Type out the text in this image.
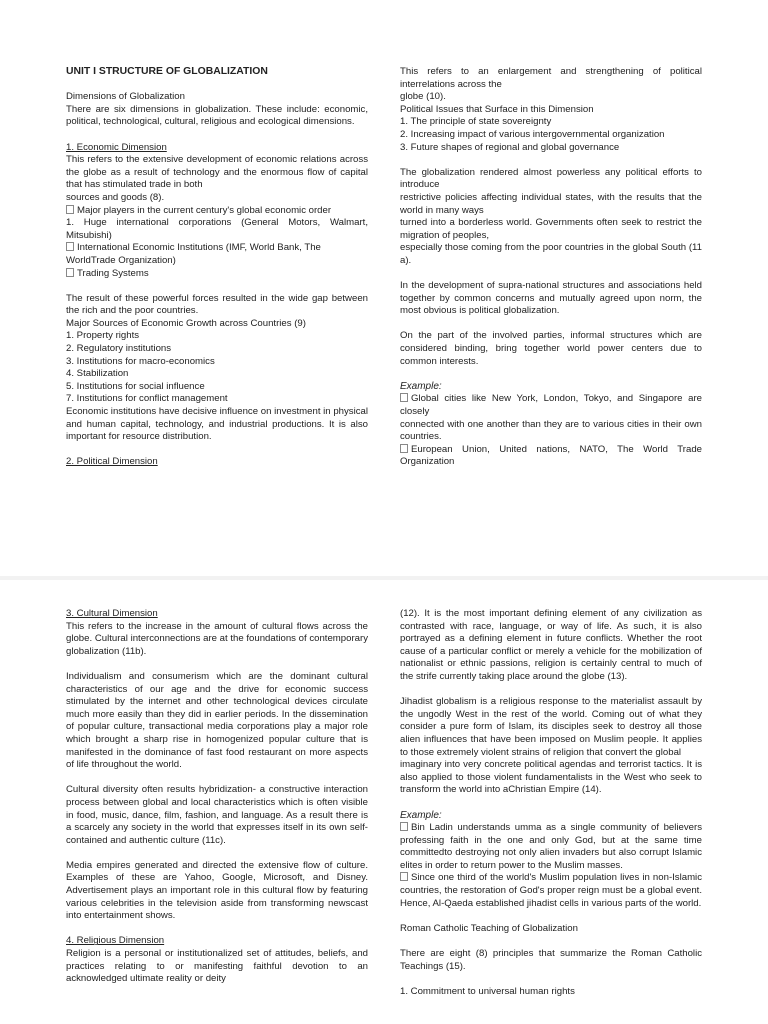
UNIT I STRUCTURE OF GLOBALIZATION

Dimensions of Globalization

There are six dimensions in globalization. These include: economic, political, technological, cultural, religious and ecological dimensions.

1. Economic Dimension

This refers to the extensive development of economic relations across the globe as a result of technology and the enormous flow of capital that has stimulated trade in both

sources and goods (8).

Major players in the current century's global economic order

1. Huge international corporations (General Motors, Walmart, Mitsubishi)

International Economic Institutions (IMF, World Bank, The WorldTrade Organization)

Trading Systems

The result of these powerful forces resulted in the wide gap between the rich and the poor countries.

Major Sources of Economic Growth across Countries (9)

1. Property rights

2. Regulatory institutions

3. Institutions for macro-economics

4. Stabilization

5. Institutions for social influence

7. Institutions for conflict management

Economic institutions have decisive influence on investment in physical and human capital, technology, and industrial productions. It is also important for resource distribution.

2. Political Dimension

This refers to an enlargement and strengthening of political interrelations across the

globe (10).

Political Issues that Surface in this Dimension

1. The principle of state sovereignty

2. Increasing impact of various intergovernmental organization

3. Future shapes of regional and global governance

The globalization rendered almost powerless any political efforts to introduce

restrictive policies affecting individual states, with the results that the world in many ways

turned into a borderless world. Governments often seek to restrict the migration of peoples,

especially those coming from the poor countries in the global South (11 a).

In the development of supra-national structures and associations held together by common concerns and mutually agreed upon norm, the most obvious is political globalization.

On the part of the involved parties, informal structures which are considered binding, bring together world power centers due to common interests.

Example:

Global cities like New York, London, Tokyo, and Singapore are closely

connected with one another than they are to various cities in their own countries.

European Union, United nations, NATO, The World Trade Organization

3. Cultural Dimension

This refers to the increase in the amount of cultural flows across the globe. Cultural interconnections are at the foundations of contemporary globalization (11b).

Individualism and consumerism which are the dominant cultural characteristics of our age and the drive for economic success stimulated by the internet and other technological devices circulate much more easily than they did in earlier periods. In the dissemination of popular culture, transactional media corporations play a major role which brought a sharp rise in homogenized popular culture that is manifested in the dominance of fast food restaurant on more aspects of life throughout the world.

Cultural diversity often results hybridization- a constructive interaction process between global and local characteristics which is often visible in food, music, dance, film, fashion, and language. As a result there is a scarcely any society in the world that expresses itself in its own self-contained and authentic culture (11c).

Media empires generated and directed the extensive flow of culture. Examples of these are Yahoo, Google, Microsoft, and Disney. Advertisement plays an important role in this cultural flow by featuring various celebrities in the television aside from transforming newscast into entertainment shows.

4. Religious Dimension

Religion is a personal or institutionalized set of attitudes, beliefs, and practices relating to or manifesting faithful devotion to an acknowledged ultimate reality or deity

(12). It is the most important defining element of any civilization as contrasted with race, language, or way of life. As such, it is also portrayed as a defining element in future conflicts. Whether the root cause of a particular conflict or merely a vehicle for the mobilization of nationalist or ethnic passions, religion is certainly central to much of the strife currently taking place around the globe (13).

Jihadist globalism is a religious response to the materialist assault by the ungodly West in the rest of the world. Coming out of what they consider a pure form of Islam, its disciples seek to destroy all those alien influences that have been imposed on Muslim people. It applies to those extremely violent strains of religion that convert the global

imaginary into very concrete political agendas and terrorist tactics. It is also applied to those violent fundamentalists in the West who seek to transform the world into aChristian Empire (14).

Example:

Bin Ladin understands umma as a single community of believers professing faith in the one and only God, but at the same time committedto destroying not only alien invaders but also corrupt Islamic elites in order to return power to the Muslim masses.

Since one third of the world's Muslim population lives in non-Islamic countries, the restoration of God's proper reign must be a global event. Hence, Al-Qaeda established jihadist cells in various parts of the world.

Roman Catholic Teaching of Globalization

There are eight (8) principles that summarize the Roman Catholic Teachings (15).

1. Commitment to universal human rights
